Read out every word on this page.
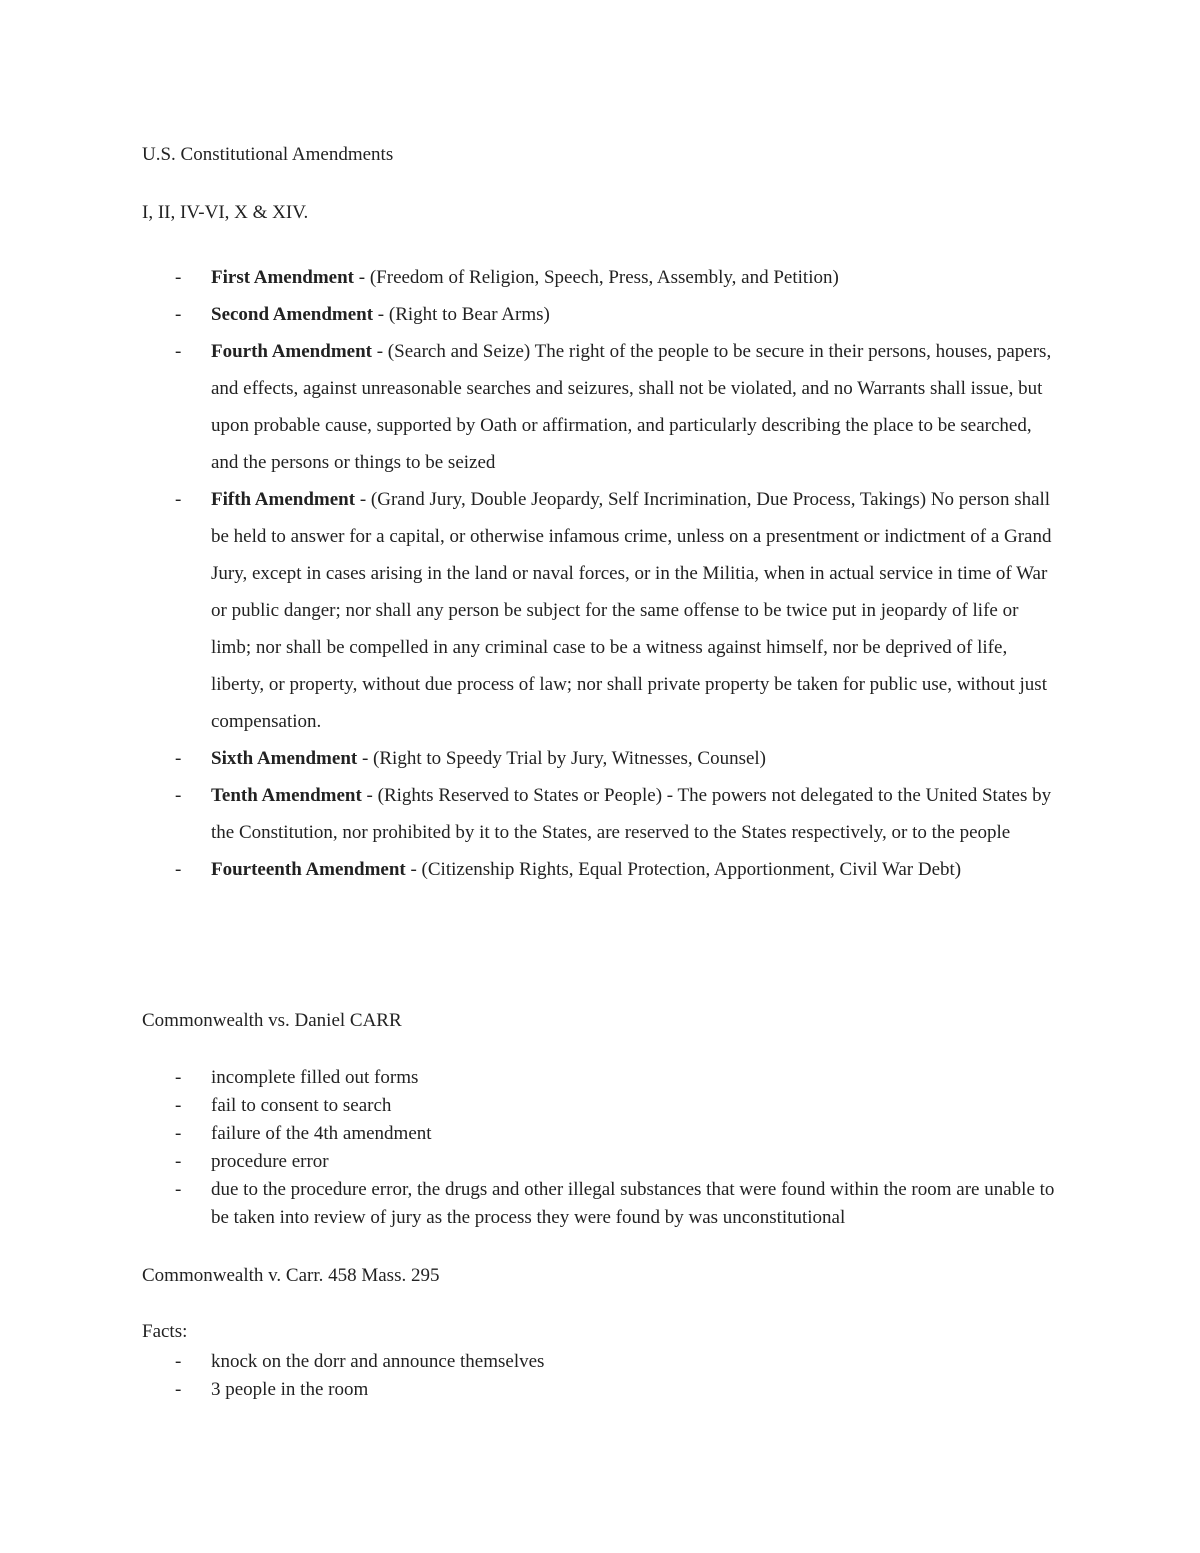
U.S. Constitutional Amendments

I, II, IV-VI, X & XIV.

- First Amendment - (Freedom of Religion, Speech, Press, Assembly, and Petition)
- Second Amendment - (Right to Bear Arms)
- Fourth Amendment - (Search and Seize) The right of the people to be secure in their persons, houses, papers, and effects, against unreasonable searches and seizures, shall not be violated, and no Warrants shall issue, but upon probable cause, supported by Oath or affirmation, and particularly describing the place to be searched, and the persons or things to be seized
- Fifth Amendment - (Grand Jury, Double Jeopardy, Self Incrimination, Due Process, Takings) No person shall be held to answer for a capital, or otherwise infamous crime, unless on a presentment or indictment of a Grand Jury, except in cases arising in the land or naval forces, or in the Militia, when in actual service in time of War or public danger; nor shall any person be subject for the same offense to be twice put in jeopardy of life or limb; nor shall be compelled in any criminal case to be a witness against himself, nor be deprived of life, liberty, or property, without due process of law; nor shall private property be taken for public use, without just compensation.
- Sixth Amendment - (Right to Speedy Trial by Jury, Witnesses, Counsel)
- Tenth Amendment - (Rights Reserved to States or People) - The powers not delegated to the United States by the Constitution, nor prohibited by it to the States, are reserved to the States respectively, or to the people
- Fourteenth Amendment - (Citizenship Rights, Equal Protection, Apportionment, Civil War Debt)

Commonwealth vs. Daniel CARR

- incomplete filled out forms
- fail to consent to search
- failure of the 4th amendment
- procedure error
- due to the procedure error, the drugs and other illegal substances that were found within the room are unable to be taken into review of jury as the process they were found by was unconstitutional

Commonwealth v. Carr. 458 Mass. 295

Facts:

- knock on the dorr and announce themselves
- 3 people in the room
